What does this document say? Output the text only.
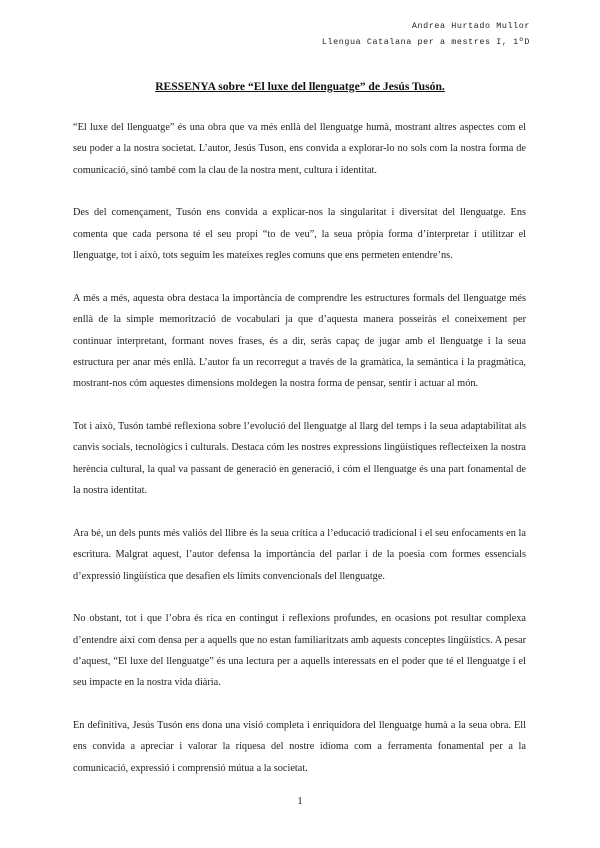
Andrea Hurtado Mullor
Llengua Catalana per a mestres I, 1ºD
RESSENYA sobre “El luxe del llenguatge” de Jesús Tusón.

“El luxe del llenguatge” és una obra que va més enllà del llenguatge humà, mostrant altres aspectes com el seu poder a la nostra societat. L’autor, Jesús Tuson, ens convida a explorar-lo no sols com la nostra forma de comunicació, sinó també com la clau de la nostra ment, cultura i identitat.

Des del començament, Tusón ens convida a explicar-nos la singularitat i diversitat del llenguatge. Ens comenta que cada persona té el seu propi “to de veu”, la seua pròpia forma d’interpretar i utilitzar el llenguatge, tot i això, tots seguim les mateixes regles comuns que ens permeten entendre’ns.

A més a més, aquesta obra destaca la importància de comprendre les estructures formals del llenguatge més enllà de la simple memorització de vocabulari ja que d’aquesta manera posseiràs el coneixement per continuar interpretant, formant noves frases, és a dir, seràs capaç de jugar amb el llenguatge i la seua estructura per anar més enllà. L’autor fa un recorregut a través de la gramàtica, la semàntica i la pragmàtica, mostrant-nos cóm aquestes dimensions moldegen la nostra forma de pensar, sentir i actuar al món.

Tot i això, Tusón també reflexiona sobre l’evolució del llenguatge al llarg del temps i la seua adaptabilitat als canvis socials, tecnològics i culturals. Destaca cóm les nostres expressions lingüístiques reflecteixen la nostra herència cultural, la qual va passant de generació en generació, i cóm el llenguatge és una part fonamental de la nostra identitat.

Ara bé, un dels punts més valiós del llibre és la seua crítica a l’educació tradicional i el seu enfocaments en la escritura. Malgrat aquest, l’autor defensa la importància del parlar i de la poesia com formes essencials d’expressió lingüística que desafien els límits convencionals del llenguatge.

No obstant, tot i que l’obra és rica en contingut i reflexions profundes, en ocasions pot resultar complexa d’entendre així com densa per a aquells que no estan familiaritzats amb aquests conceptes lingüístics. A pesar d’aquest, “El luxe del llenguatge” és una lectura per a aquells interessats en el poder que té el llenguatge i el seu impacte en la nostra vida diària.

En definitiva, Jesús Tusón ens dona una visió completa i enriquidora del llenguatge humà a la seua obra. Ell ens convida a apreciar i valorar la riquesa del nostre idioma com a ferramenta fonamental per a la comunicació, expressió i comprensió mútua a la societat.

1
